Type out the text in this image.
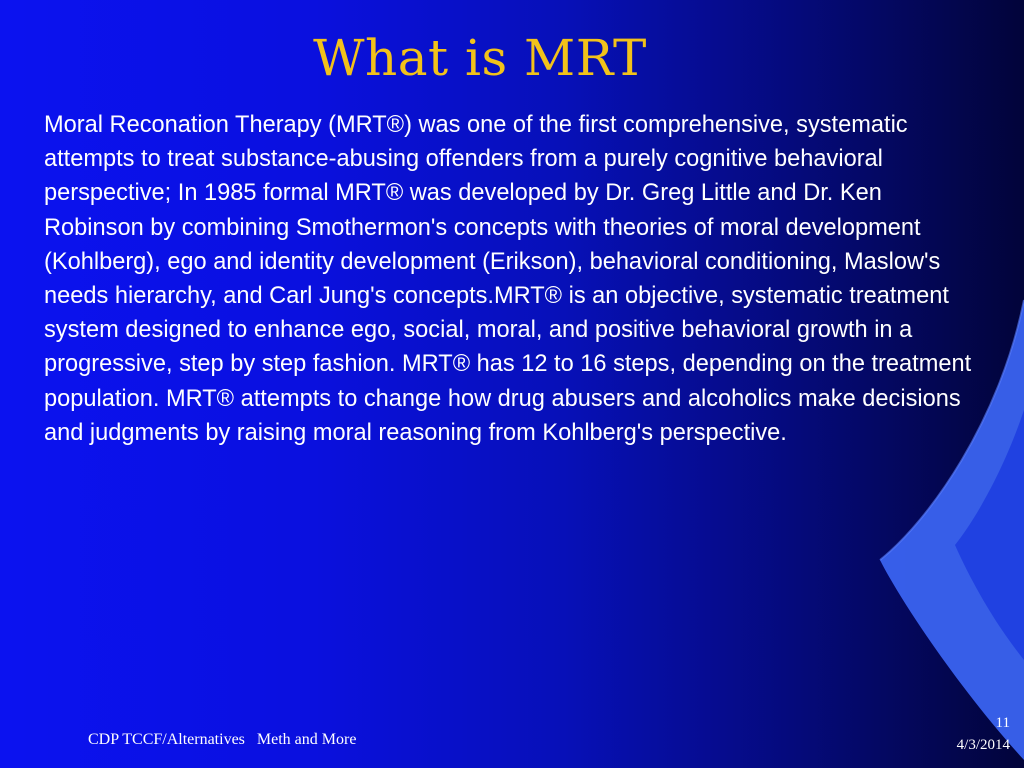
What is MRT

Moral Reconation Therapy (MRT®) was one of the first comprehensive, systematic attempts to treat substance-abusing offenders from a purely cognitive behavioral perspective; In 1985 formal MRT® was developed by Dr. Greg Little and Dr. Ken Robinson by combining Smothermon's concepts with theories of moral development (Kohlberg), ego and identity development (Erikson), behavioral conditioning, Maslow's needs hierarchy, and Carl Jung's concepts.MRT® is an objective, systematic treatment system designed to enhance ego, social, moral, and positive behavioral growth in a progressive, step by step fashion. MRT® has 12 to 16 steps, depending on the treatment population. MRT® attempts to change how drug abusers and alcoholics make decisions and judgments by raising moral reasoning from Kohlberg's perspective.

CDP TCCF/Alternatives   Meth and More
11
4/3/2014
